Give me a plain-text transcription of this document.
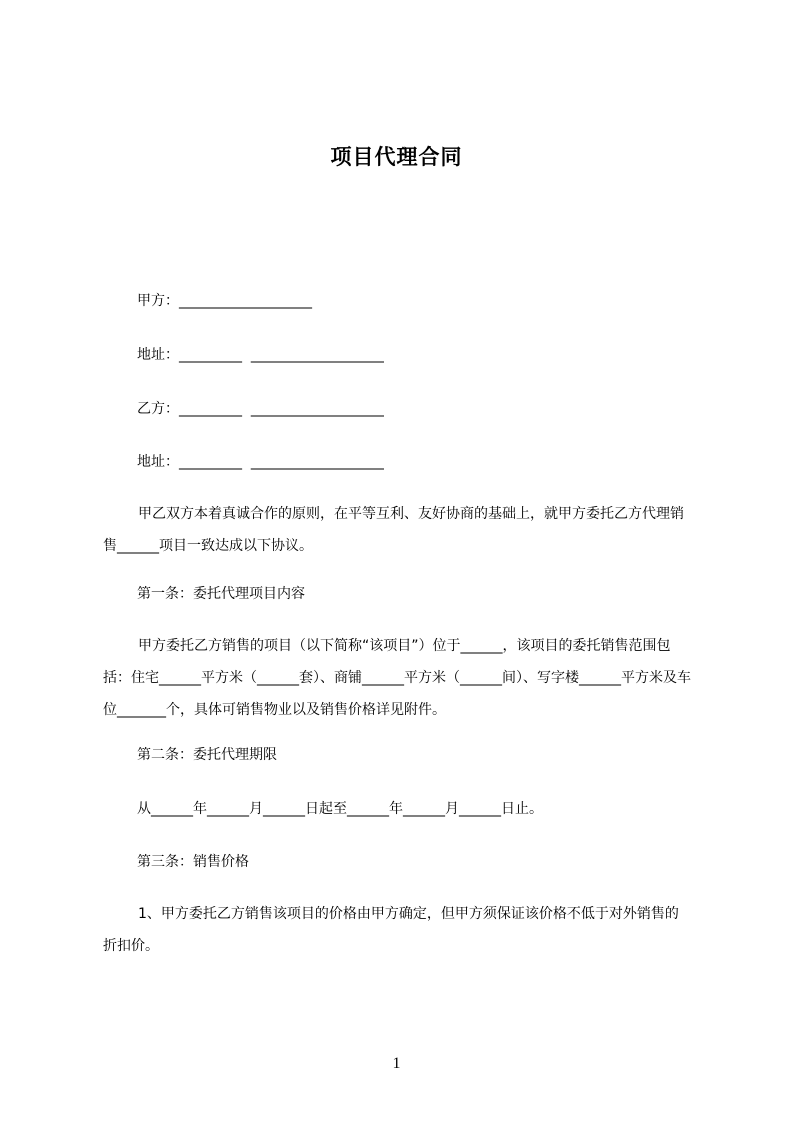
项目代理合同
甲方：___________________
地址：_________  ___________________
乙方：_________  ___________________
地址：_________  ___________________
甲乙双方本着真诚合作的原则，在平等互利、友好协商的基础上，就甲方委托乙方代理销售______项目一致达成以下协议。
第一条：委托代理项目内容
甲方委托乙方销售的项目（以下简称“该项目”）位于______，该项目的委托销售范围包括：住宅______平方米（______套）、商铺______平方米（______间）、写字楼______平方米及车位_______个，具体可销售物业以及销售价格详见附件。
第二条：委托代理期限
从______年______月______日起至______年______月______日止。
第三条：销售价格
1、甲方委托乙方销售该项目的价格由甲方确定，但甲方须保证该价格不低于对外销售的折扣价。
1
